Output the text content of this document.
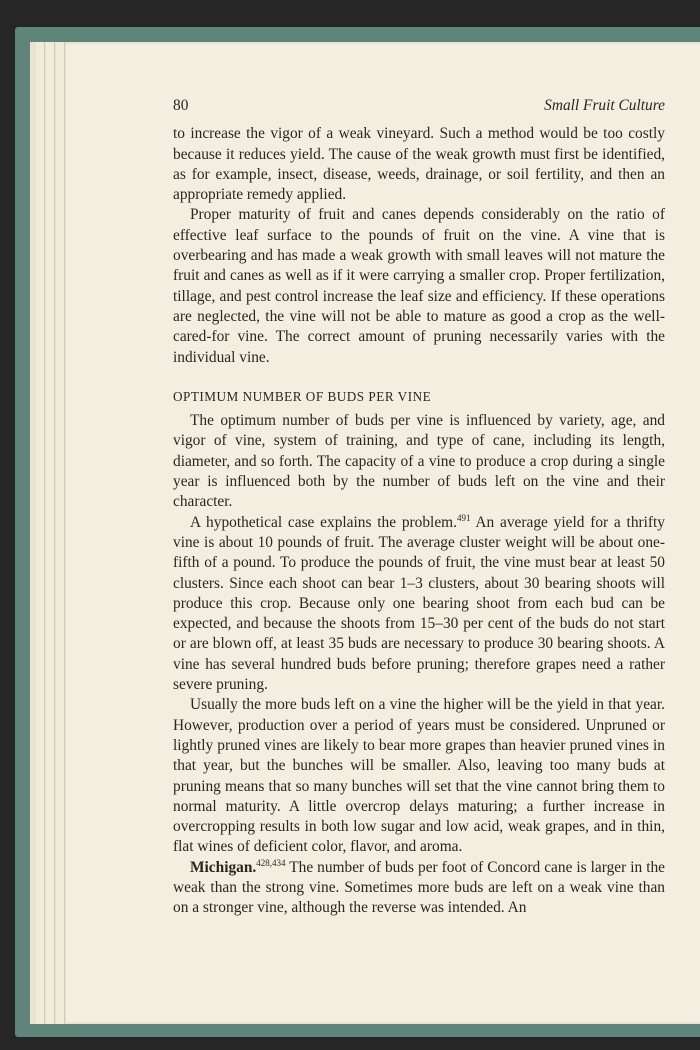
80	Small Fruit Culture

to increase the vigor of a weak vineyard. Such a method would be too costly because it reduces yield. The cause of the weak growth must first be identified, as for example, insect, disease, weeds, drainage, or soil fertility, and then an appropriate remedy applied.

Proper maturity of fruit and canes depends considerably on the ratio of effective leaf surface to the pounds of fruit on the vine. A vine that is overbearing and has made a weak growth with small leaves will not mature the fruit and canes as well as if it were carrying a smaller crop. Proper fertilization, tillage, and pest control increase the leaf size and efficiency. If these operations are neglected, the vine will not be able to mature as good a crop as the well-cared-for vine. The correct amount of pruning necessarily varies with the individual vine.

OPTIMUM NUMBER OF BUDS PER VINE

The optimum number of buds per vine is influenced by variety, age, and vigor of vine, system of training, and type of cane, including its length, diameter, and so forth. The capacity of a vine to produce a crop during a single year is influenced both by the number of buds left on the vine and their character.

A hypothetical case explains the problem.$^{491}$ An average yield for a thrifty vine is about 10 pounds of fruit. The average cluster weight will be about one-fifth of a pound. To produce the pounds of fruit, the vine must bear at least 50 clusters. Since each shoot can bear 1–3 clusters, about 30 bearing shoots will produce this crop. Because only one bearing shoot from each bud can be expected, and because the shoots from 15–30 per cent of the buds do not start or are blown off, at least 35 buds are necessary to produce 30 bearing shoots. A vine has several hundred buds before pruning; therefore grapes need a rather severe pruning.

Usually the more buds left on a vine the higher will be the yield in that year. However, production over a period of years must be considered. Unpruned or lightly pruned vines are likely to bear more grapes than heavier pruned vines in that year, but the bunches will be smaller. Also, leaving too many buds at pruning means that so many bunches will set that the vine cannot bring them to normal maturity. A little overcrop delays maturing; a further increase in overcropping results in both low sugar and low acid, weak grapes, and in thin, flat wines of deficient color, flavor, and aroma.

Michigan.$^{428,434}$ The number of buds per foot of Concord cane is larger in the weak than the strong vine. Sometimes more buds are left on a weak vine than on a stronger vine, although the reverse was intended. An
